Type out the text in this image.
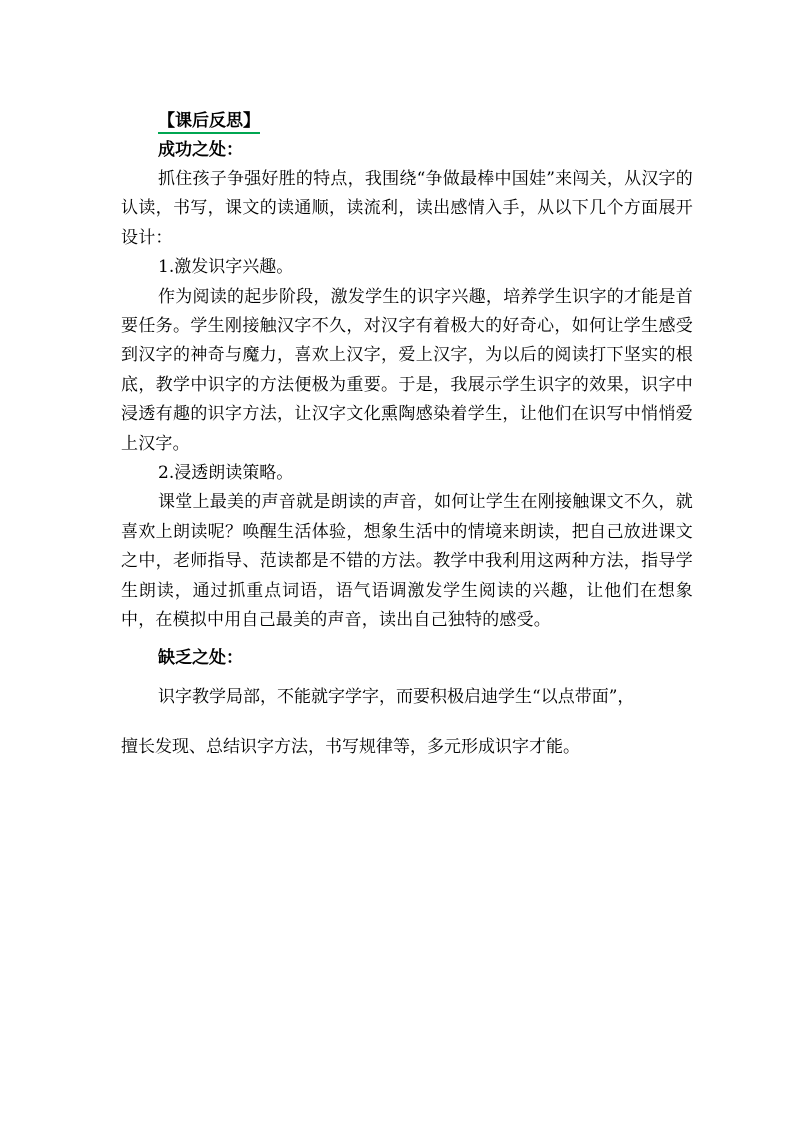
【课后反思】
成功之处：

抓住孩子争强好胜的特点，我围绕“争做最棒中国娃”来闯关，从汉字的认读，书写，课文的读通顺，读流利，读出感情入手，从以下几个方面展开设计：

1.激发识字兴趣。

作为阅读的起步阶段，激发学生的识字兴趣，培养学生识字的才能是首要任务。学生刚接触汉字不久，对汉字有着极大的好奇心，如何让学生感受到汉字的神奇与魔力，喜欢上汉字，爱上汉字，为以后的阅读打下坚实的根底，教学中识字的方法便极为重要。于是，我展示学生识字的效果，识字中浸透有趣的识字方法，让汉字文化熏陶感染着学生，让他们在识写中悄悄爱上汉字。

2.浸透朗读策略。

课堂上最美的声音就是朗读的声音，如何让学生在刚接触课文不久，就喜欢上朗读呢？唤醒生活体验，想象生活中的情境来朗读，把自己放进课文之中，老师指导、范读都是不错的方法。教学中我利用这两种方法，指导学生朗读，通过抓重点词语，语气语调激发学生阅读的兴趣，让他们在想象中，在模拟中用自己最美的声音，读出自己独特的感受。

缺乏之处：

识字教学局部，不能就字学字，而要积极启迪学生“以点带面”，

擅长发现、总结识字方法，书写规律等，多元形成识字才能。
